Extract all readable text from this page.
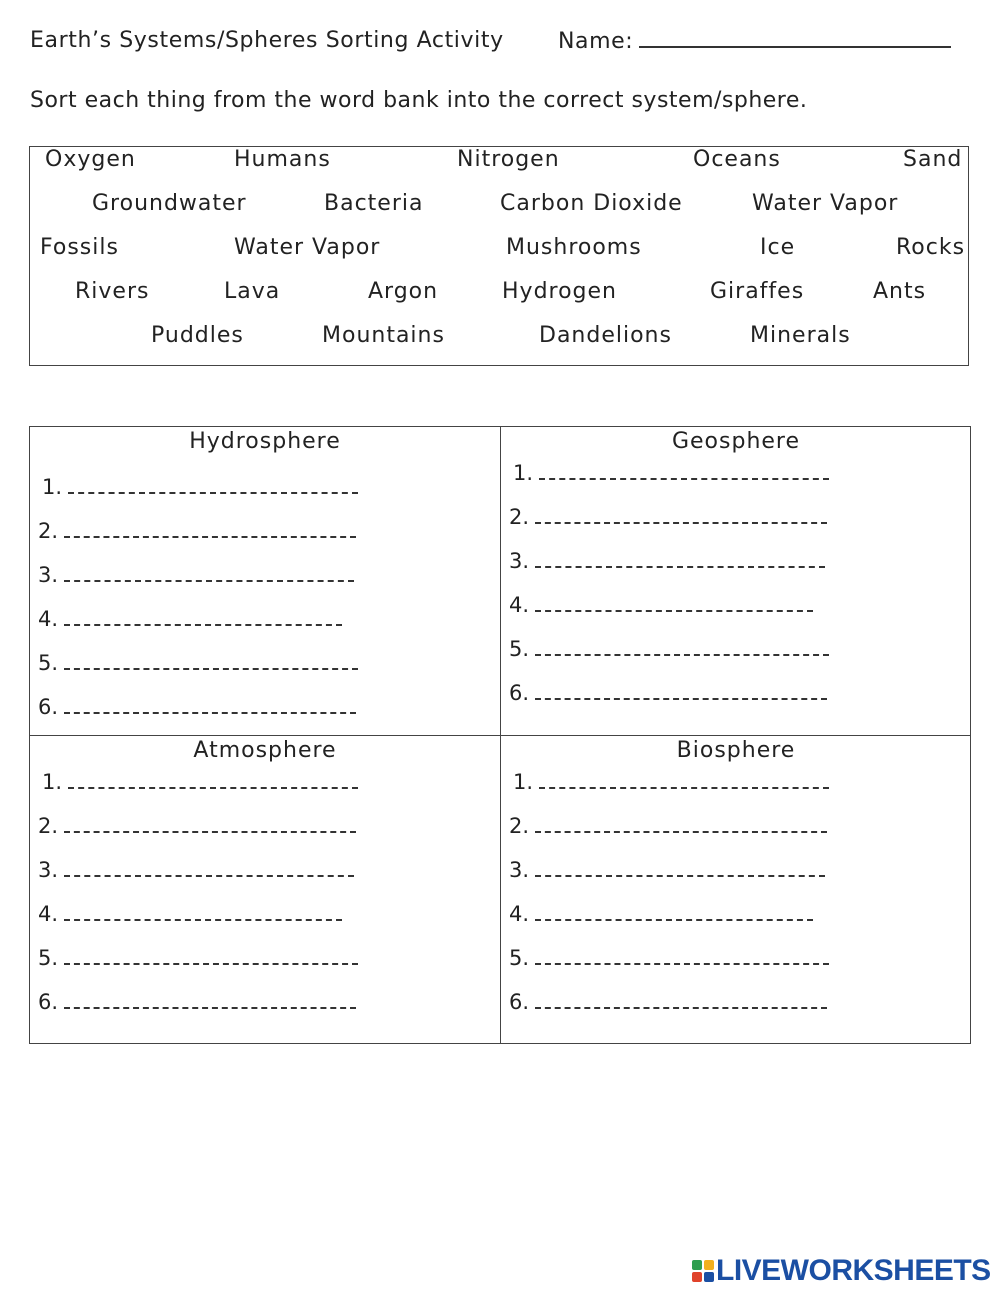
Earth’s Systems/Spheres Sorting Activity Name:
Sort each thing from the word bank into the correct system/sphere.
Oxygen	Humans	Nitrogen	Oceans	Sand
Groundwater	Bacteria	Carbon Dioxide	Water Vapor
Fossils	Water Vapor	Mushrooms	Ice	Rocks
Rivers	Lava	Argon	Hydrogen	Giraffes	Ants
Puddles	Mountains	Dandelions	Minerals
Hydrosphere
1.
2.
3.
4.
5.
6.
Geosphere
1.
2.
3.
4.
5.
6.
Atmosphere
1.
2.
3.
4.
5.
6.
Biosphere
1.
2.
3.
4.
5.
6.
LIVEWORKSHEETS
